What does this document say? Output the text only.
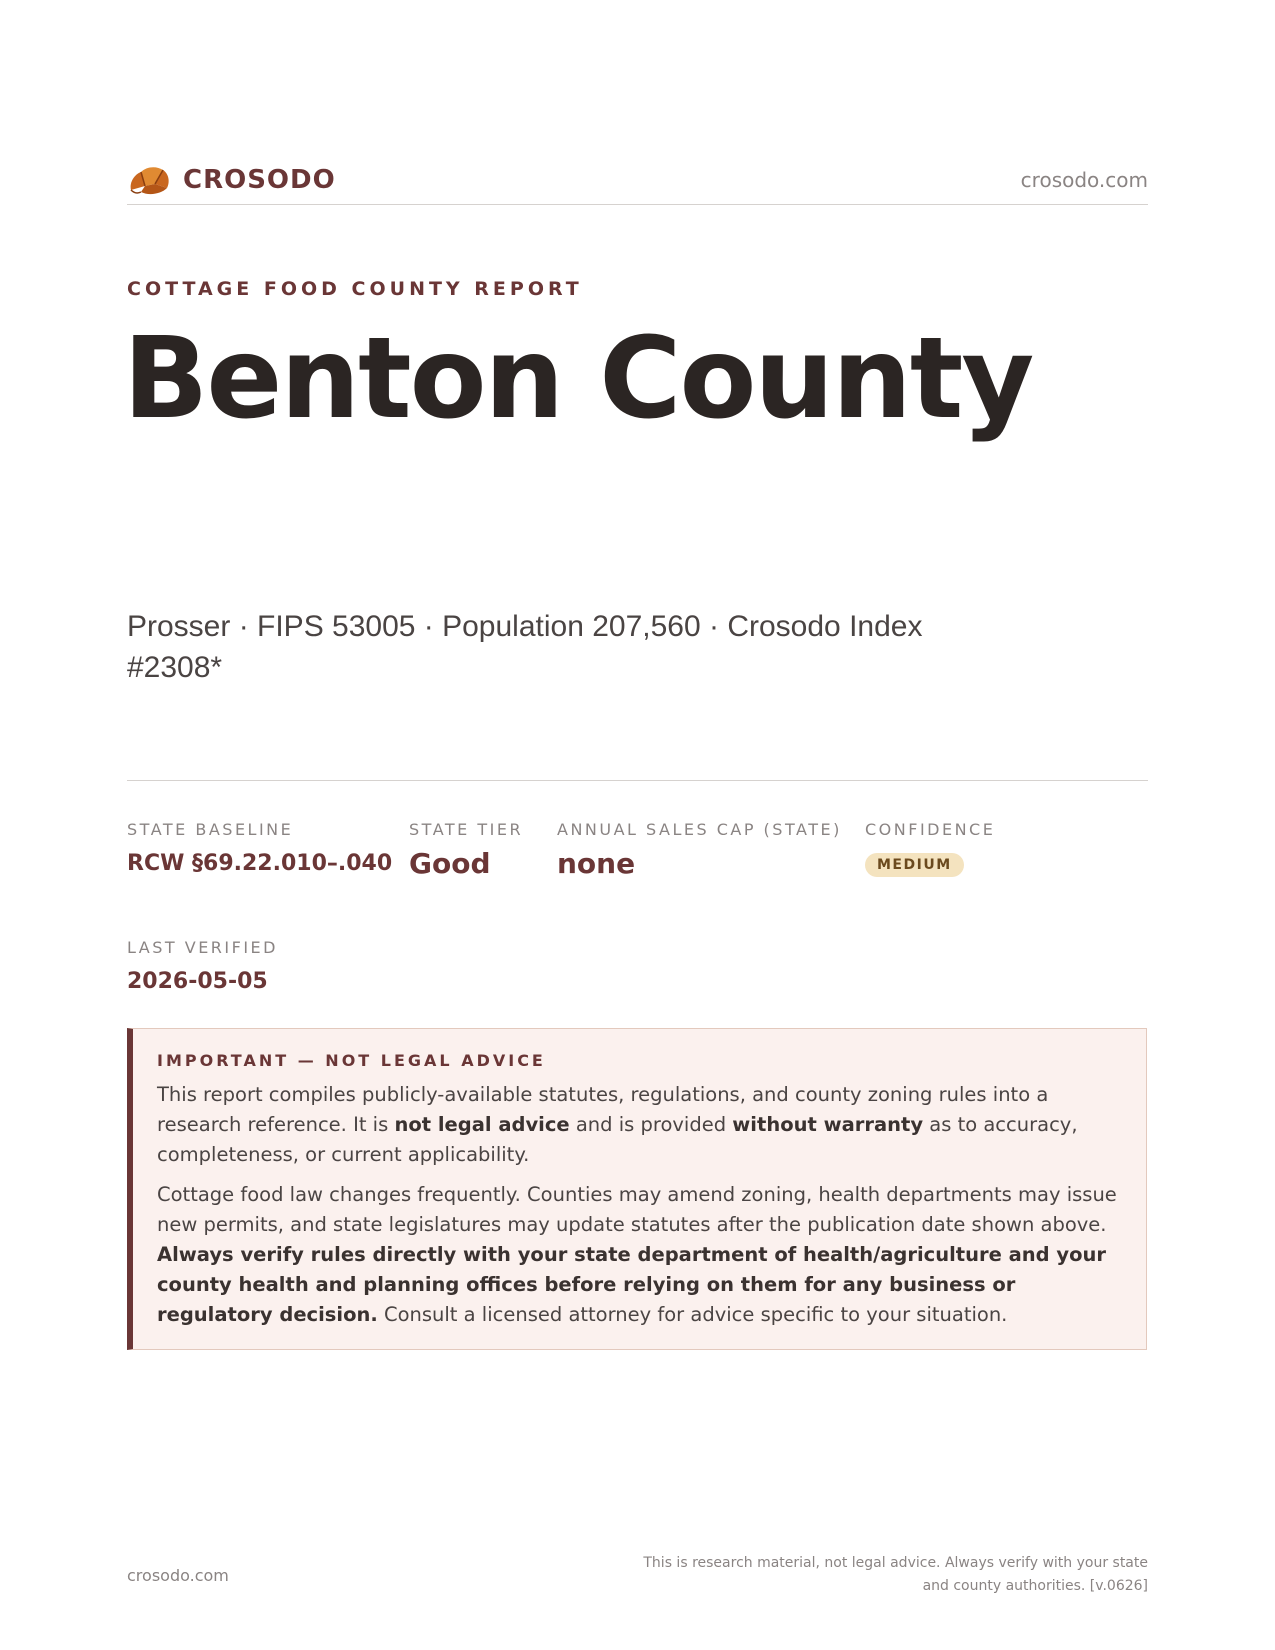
CROSODO	crosodo.com
COTTAGE FOOD COUNTY REPORT
Benton County
Prosser · FIPS 53005 · Population 207,560 · Crosodo Index #2308*
STATE BASELINE
RCW §69.22.010–.040
STATE TIER
Good
ANNUAL SALES CAP (STATE)
none
CONFIDENCE
MEDIUM
LAST VERIFIED
2026-05-05
IMPORTANT — NOT LEGAL ADVICE

This report compiles publicly-available statutes, regulations, and county zoning rules into a research reference. It is not legal advice and is provided without warranty as to accuracy, completeness, or current applicability.

Cottage food law changes frequently. Counties may amend zoning, health departments may issue new permits, and state legislatures may update statutes after the publication date shown above. Always verify rules directly with your state department of health/agriculture and your county health and planning offices before relying on them for any business or regulatory decision. Consult a licensed attorney for advice specific to your situation.

crosodo.com
This is research material, not legal advice. Always verify with your state and county authorities. [v.0626]
